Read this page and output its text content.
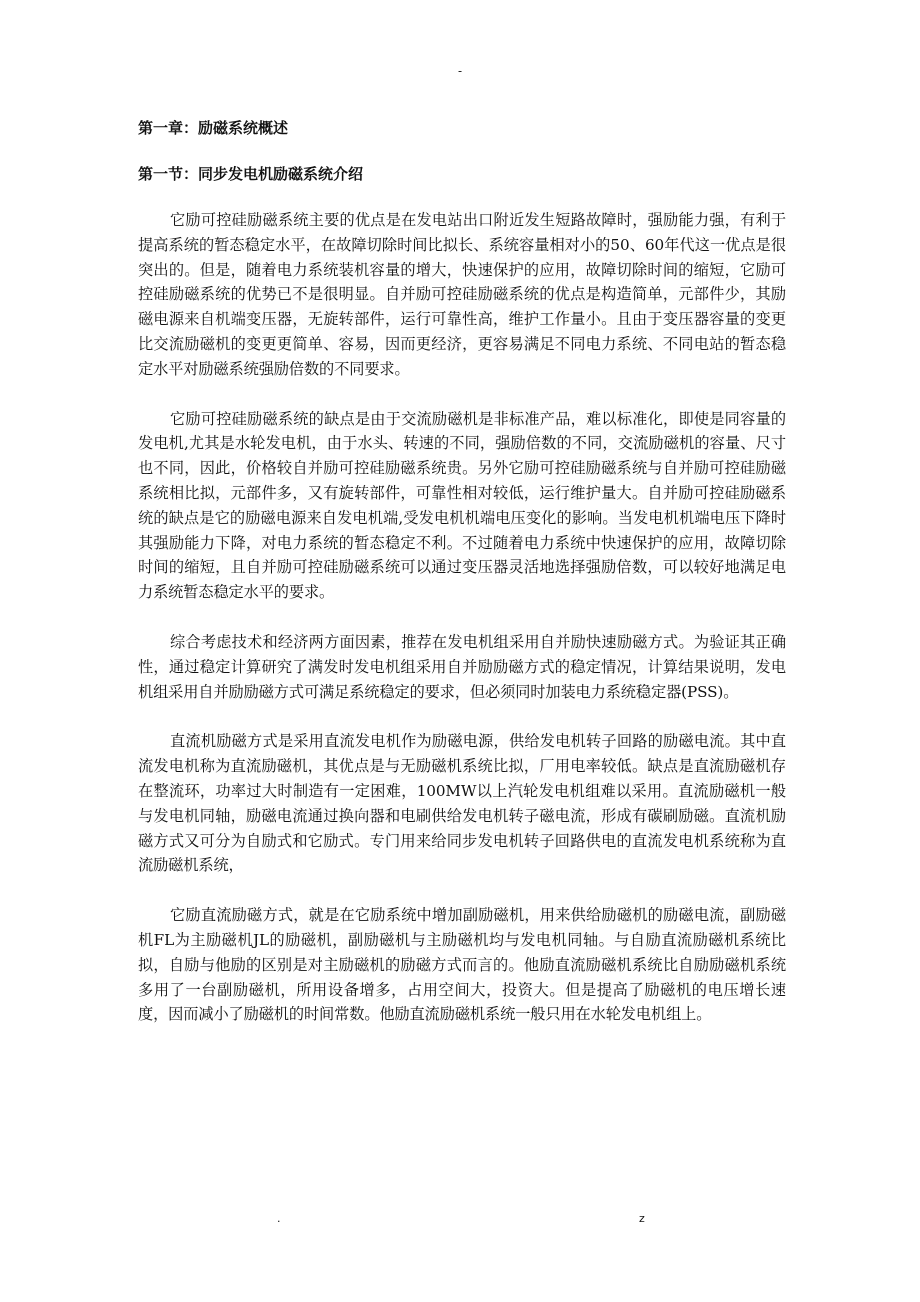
-
第一章：励磁系统概述
第一节：同步发电机励磁系统介绍

它励可控硅励磁系统主要的优点是在发电站出口附近发生短路故障时，强励能力强，有利于提高系统的暂态稳定水平，在故障切除时间比拟长、系统容量相对小的50、60年代这一优点是很突出的。但是，随着电力系统装机容量的增大，快速保护的应用，故障切除时间的缩短，它励可控硅励磁系统的优势已不是很明显。自并励可控硅励磁系统的优点是构造简单，元部件少，其励磁电源来自机端变压器，无旋转部件，运行可靠性高，维护工作量小。且由于变压器容量的变更比交流励磁机的变更更简单、容易，因而更经济，更容易满足不同电力系统、不同电站的暂态稳定水平对励磁系统强励倍数的不同要求。

它励可控硅励磁系统的缺点是由于交流励磁机是非标准产品，难以标准化，即使是同容量的发电机,尤其是水轮发电机，由于水头、转速的不同，强励倍数的不同，交流励磁机的容量、尺寸也不同，因此，价格较自并励可控硅励磁系统贵。另外它励可控硅励磁系统与自并励可控硅励磁系统相比拟，元部件多，又有旋转部件，可靠性相对较低，运行维护量大。自并励可控硅励磁系统的缺点是它的励磁电源来自发电机端,受发电机机端电压变化的影响。当发电机机端电压下降时其强励能力下降，对电力系统的暂态稳定不利。不过随着电力系统中快速保护的应用，故障切除时间的缩短，且自并励可控硅励磁系统可以通过变压器灵活地选择强励倍数，可以较好地满足电力系统暂态稳定水平的要求。

综合考虑技术和经济两方面因素，推荐在发电机组采用自并励快速励磁方式。为验证其正确性，通过稳定计算研究了满发时发电机组采用自并励励磁方式的稳定情况，计算结果说明，发电机组采用自并励励磁方式可满足系统稳定的要求，但必须同时加装电力系统稳定器(PSS)。

直流机励磁方式是采用直流发电机作为励磁电源，供给发电机转子回路的励磁电流。其中直流发电机称为直流励磁机，其优点是与无励磁机系统比拟，厂用电率较低。缺点是直流励磁机存在整流环，功率过大时制造有一定困难，100MW以上汽轮发电机组难以采用。直流励磁机一般与发电机同轴，励磁电流通过换向器和电刷供给发电机转子磁电流，形成有碳刷励磁。直流机励磁方式又可分为自励式和它励式。专门用来给同步发电机转子回路供电的直流发电机系统称为直流励磁机系统，

它励直流励磁方式，就是在它励系统中增加副励磁机，用来供给励磁机的励磁电流，副励磁机FL为主励磁机JL的励磁机，副励磁机与主励磁机均与发电机同轴。与自励直流励磁机系统比拟，自励与他励的区别是对主励磁机的励磁方式而言的。他励直流励磁机系统比自励励磁机系统多用了一台副励磁机，所用设备增多，占用空间大，投资大。但是提高了励磁机的电压增长速度，因而减小了励磁机的时间常数。他励直流励磁机系统一般只用在水轮发电机组上。

.	z
